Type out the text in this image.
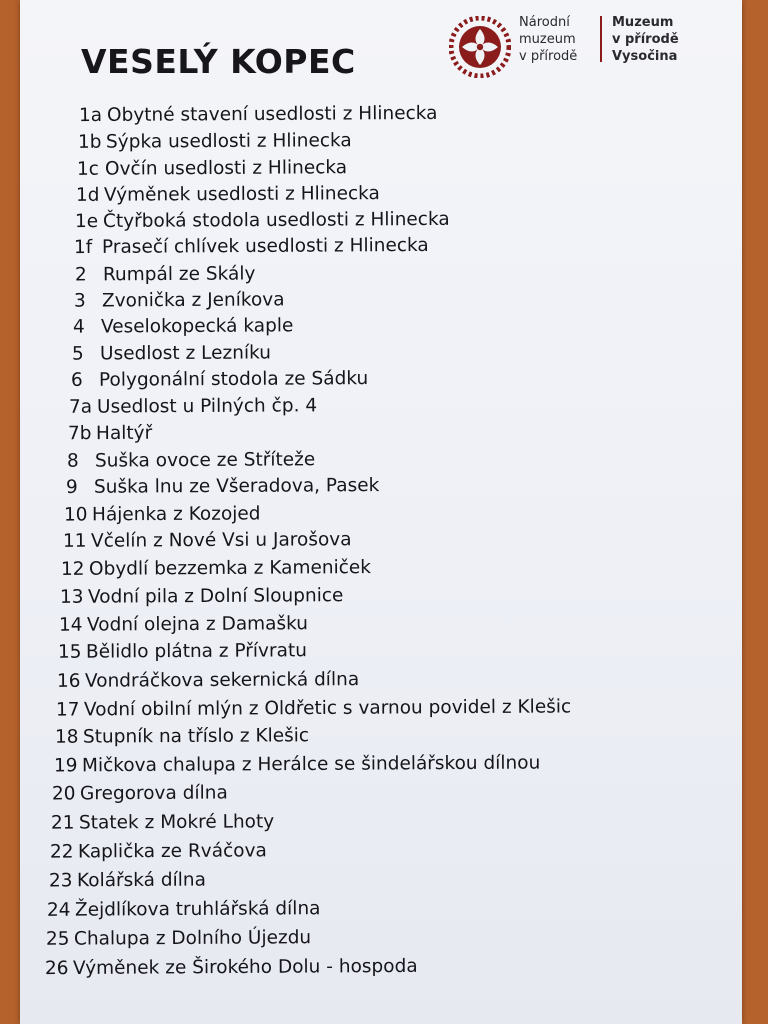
VESELÝ KOPEC
Národní
muzeum
v přírodě
Muzeum
v přírodě
Vysočina
1a Obytné stavení usedlosti z Hlinecka
1b Sýpka usedlosti z Hlinecka
1c Ovčín usedlosti z Hlinecka
1d Výměnek usedlosti z Hlinecka
1e Čtyřboká stodola usedlosti z Hlinecka
1f Prasečí chlívek usedlosti z Hlinecka
2 Rumpál ze Skály
3 Zvonička z Jeníkova
4 Veselokopecká kaple
5 Usedlost z Lezníku
6 Polygonální stodola ze Sádku
7a Usedlost u Pilných čp. 4
7b Haltýř
8 Suška ovoce ze Stříteže
9 Suška lnu ze Všeradova, Pasek
10 Hájenka z Kozojed
11 Včelín z Nové Vsi u Jarošova
12 Obydlí bezzemka z Kameniček
13 Vodní pila z Dolní Sloupnice
14 Vodní olejna z Damašku
15 Bělidlo plátna z Přívratu
16 Vondráčkova sekernická dílna
17 Vodní obilní mlýn z Oldřetic s varnou povidel z Klešic
18 Stupník na tříslo z Klešic
19 Mičkova chalupa z Herálce se šindelářskou dílnou
20 Gregorova dílna
21 Statek z Mokré Lhoty
22 Kaplička ze Rváčova
23 Kolářská dílna
24 Žejdlíkova truhlářská dílna
25 Chalupa z Dolního Újezdu
26 Výměnek ze Širokého Dolu - hospoda
